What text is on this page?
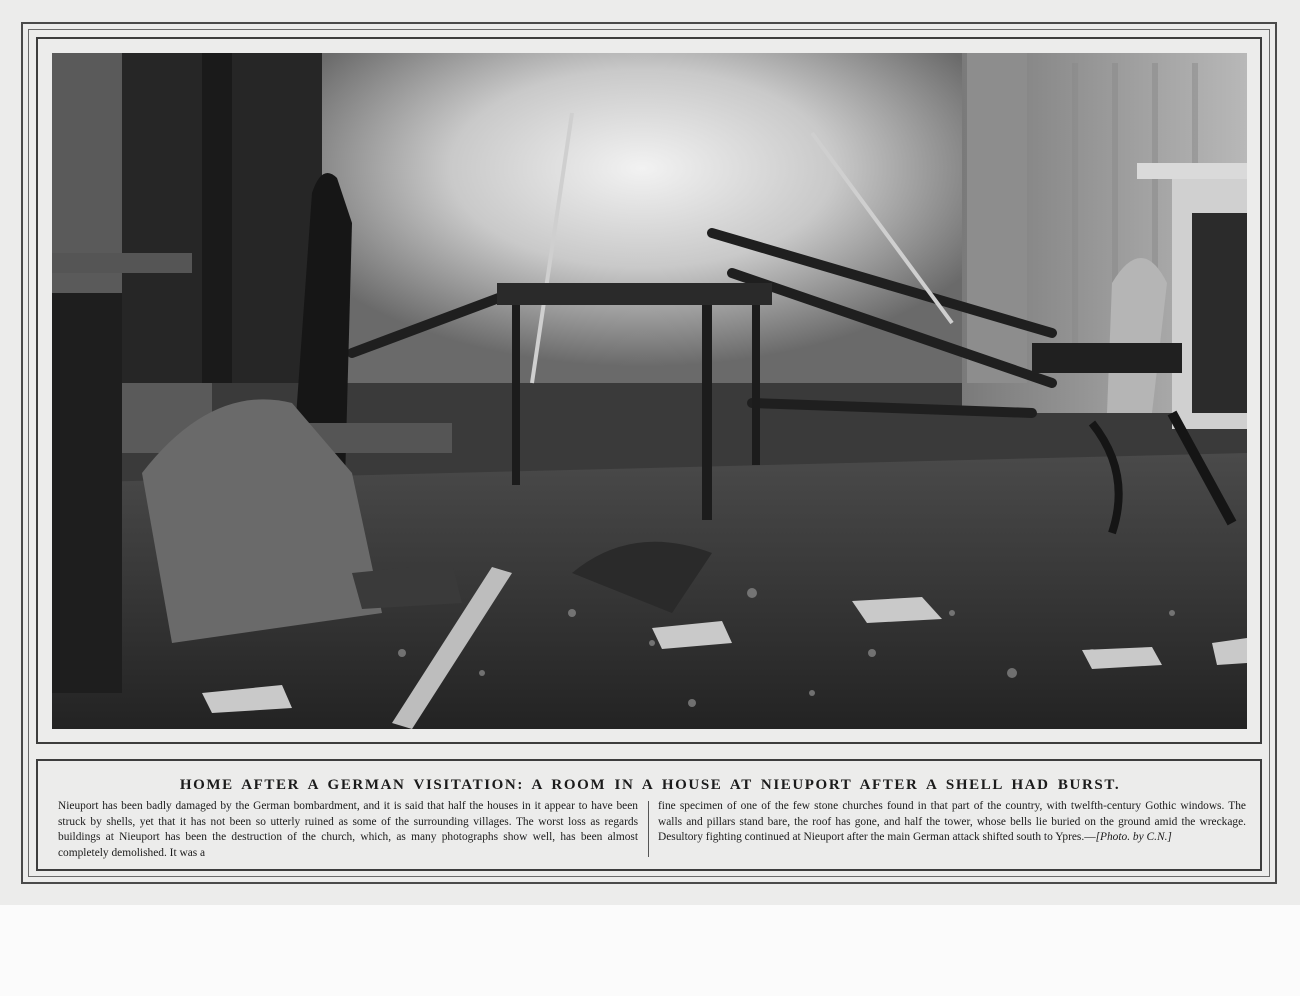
HOME AFTER A GERMAN VISITATION: A ROOM IN A HOUSE AT NIEUPORT AFTER A SHELL HAD BURST.
Nieuport has been badly damaged by the German bombardment, and it is said that half the houses in it appear to have been struck by shells, yet that it has not been so utterly ruined as some of the surrounding villages. The worst loss as regards buildings at Nieuport has been the destruction of the church, which, as many photographs show well, has been almost completely demolished. It was a
fine specimen of one of the few stone churches found in that part of the country, with twelfth-century Gothic windows. The walls and pillars stand bare, the roof has gone, and half the tower, whose bells lie buried on the ground amid the wreckage. Desultory fighting continued at Nieuport after the main German attack shifted south to Ypres.—[Photo. by C.N.]
